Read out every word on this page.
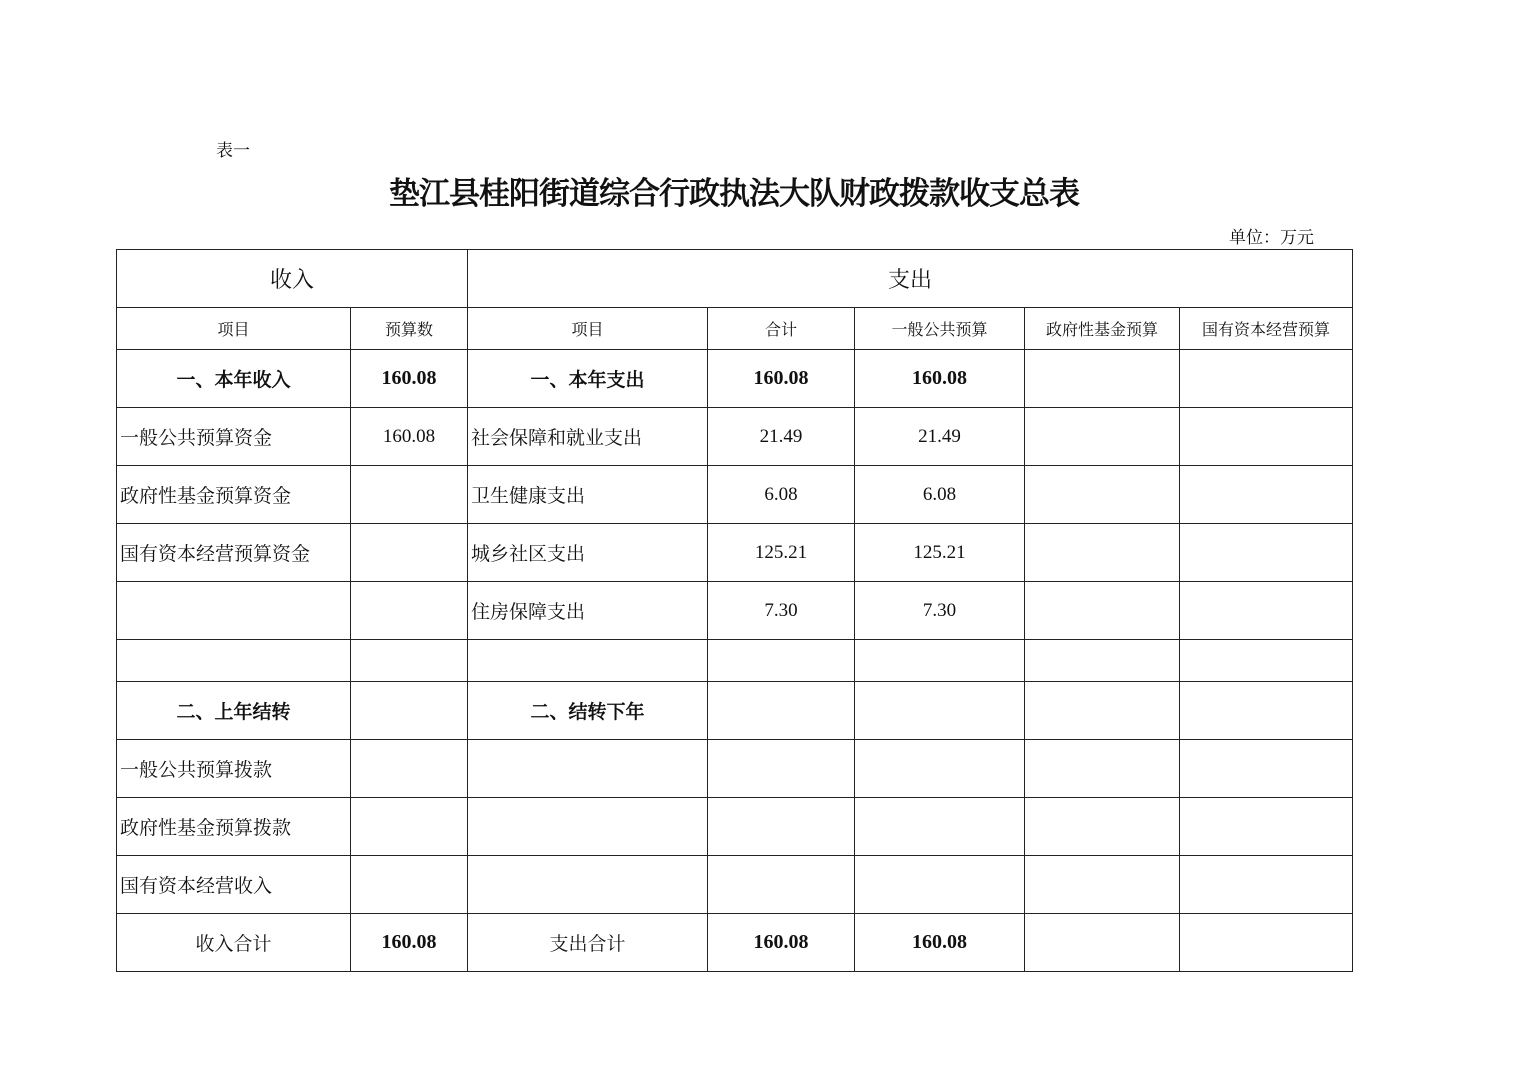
表一
垫江县桂阳街道综合行政执法大队财政拨款收支总表
单位：万元
收入		支出				
项目	预算数	项目	合计	一般公共预算	政府性基金预算	国有资本经营预算
一、本年收入	160.08	一、本年支出	160.08	160.08		
一般公共预算资金	160.08	社会保障和就业支出	21.49	21.49		
政府性基金预算资金		卫生健康支出	6.08	6.08		
国有资本经营预算资金		城乡社区支出	125.21	125.21		
		住房保障支出	7.30	7.30		

二、上年结转		二、结转下年				
一般公共预算拨款						
政府性基金预算拨款						
国有资本经营收入						
收入合计	160.08	支出合计	160.08	160.08		
